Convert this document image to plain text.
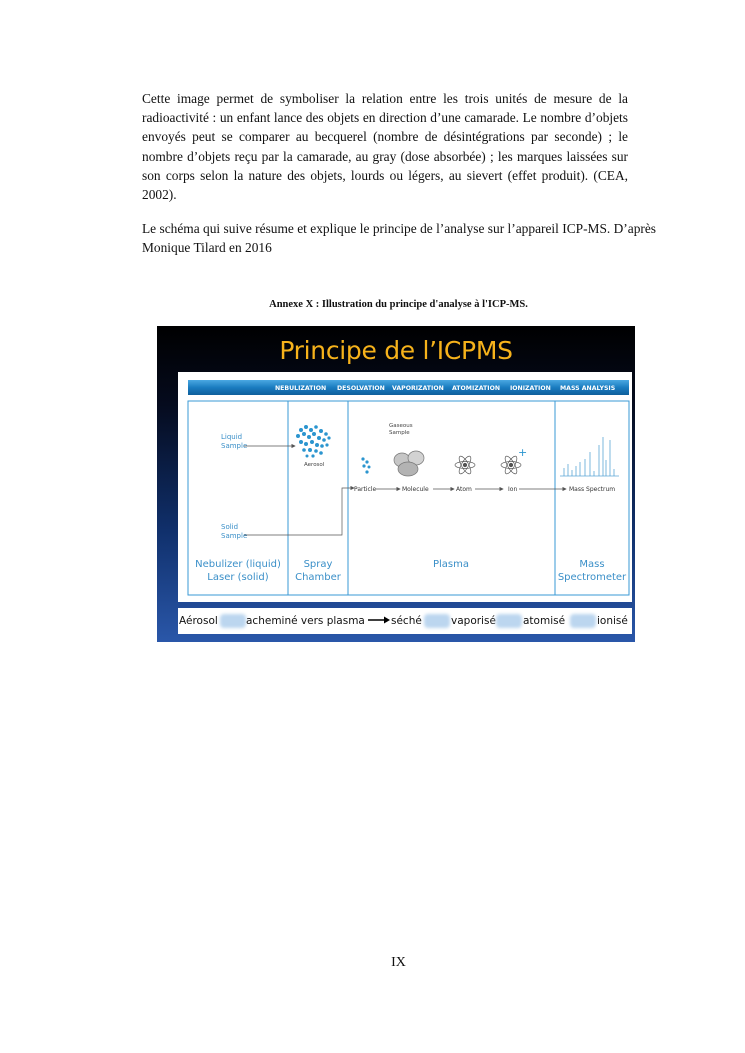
Cette image permet de symboliser la relation entre les trois unités de mesure de la radioactivité : un enfant lance des objets en direction d’une camarade. Le nombre d’objets envoyés peut se comparer au becquerel (nombre de désintégrations par seconde) ; le nombre d’objets reçu par la camarade, au gray (dose absorbée) ; les marques laissées sur son corps selon la nature des objets, lourds ou légers, au sievert (effet produit). (CEA, 2002).

Le schéma qui suive résume et explique le principe de l’analyse sur l’appareil ICP-MS. D’après Monique Tilard en 2016

Annexe X : Illustration du principe d'analyse à l'ICP-MS.
Principe de l’ICPMS
NEBULIZATION DESOLVATION VAPORIZATION ATOMIZATION IONIZATION MASS ANALYSIS
Liquid
Sample
Solid
Sample
Aerosol
Gaseous
Sample
+
Particle	Molecule	Atom	Ion	Mass Spectrum
Nebulizer (liquid)
Laser (solid)
Spray
Chamber
Plasma	Mass
Spectrometer
Aérosol	acheminé vers plasma séché	vaporisé	atomisé	ionisé
IX
